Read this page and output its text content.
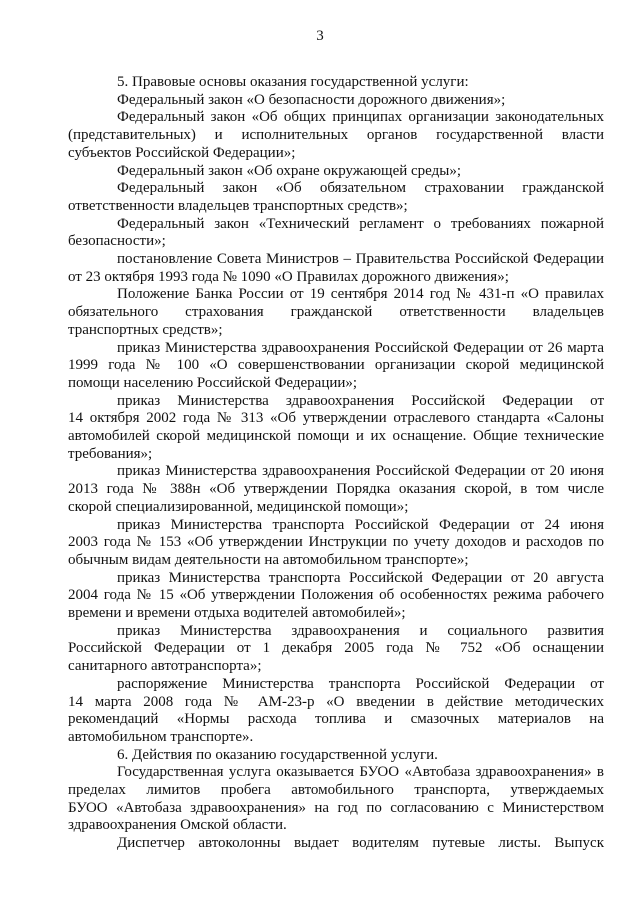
3
5. Правовые основы оказания государственной услуги:
Федеральный закон «О безопасности дорожного движения»;
Федеральный закон «Об общих принципах организации законодательных
(представительных) и исполнительных органов государственной власти
субъектов Российской Федерации»;
Федеральный закон «Об охране окружающей среды»;
Федеральный закон «Об обязательном страховании гражданской
ответственности владельцев транспортных средств»;
Федеральный закон «Технический регламент о требованиях пожарной
безопасности»;
постановление Совета Министров – Правительства Российской Федерации
от 23 октября 1993 года № 1090 «О Правилах дорожного движения»;
Положение Банка России от 19 сентября 2014 год № 431-п «О правилах
обязательного страхования гражданской ответственности владельцев
транспортных средств»;
приказ Министерства здравоохранения Российской Федерации от 26 марта
1999 года № 100 «О совершенствовании организации скорой медицинской
помощи населению Российской Федерации»;
приказ Министерства здравоохранения Российской Федерации от
14 октября 2002 года № 313 «Об утверждении отраслевого стандарта «Салоны
автомобилей скорой медицинской помощи и их оснащение. Общие технические
требования»;
приказ Министерства здравоохранения Российской Федерации от 20 июня
2013 года № 388н «Об утверждении Порядка оказания скорой, в том числе
скорой специализированной, медицинской помощи»;
приказ Министерства транспорта Российской Федерации от 24 июня
2003 года № 153 «Об утверждении Инструкции по учету доходов и расходов по
обычным видам деятельности на автомобильном транспорте»;
приказ Министерства транспорта Российской Федерации от 20 августа
2004 года № 15 «Об утверждении Положения об особенностях режима рабочего
времени и времени отдыха водителей автомобилей»;
приказ Министерства здравоохранения и социального развития
Российской Федерации от 1 декабря 2005 года № 752 «Об оснащении
санитарного автотранспорта»;
распоряжение Министерства транспорта Российской Федерации от
14 марта 2008 года № АМ-23-р «О введении в действие методических
рекомендаций «Нормы расхода топлива и смазочных материалов на
автомобильном транспорте».
6. Действия по оказанию государственной услуги.
Государственная услуга оказывается БУОО «Автобаза здравоохранения» в
пределах лимитов пробега автомобильного транспорта, утверждаемых
БУОО «Автобаза здравоохранения» на год по согласованию с Министерством
здравоохранения Омской области.
Диспетчер автоколонны выдает водителям путевые листы. Выпуск
